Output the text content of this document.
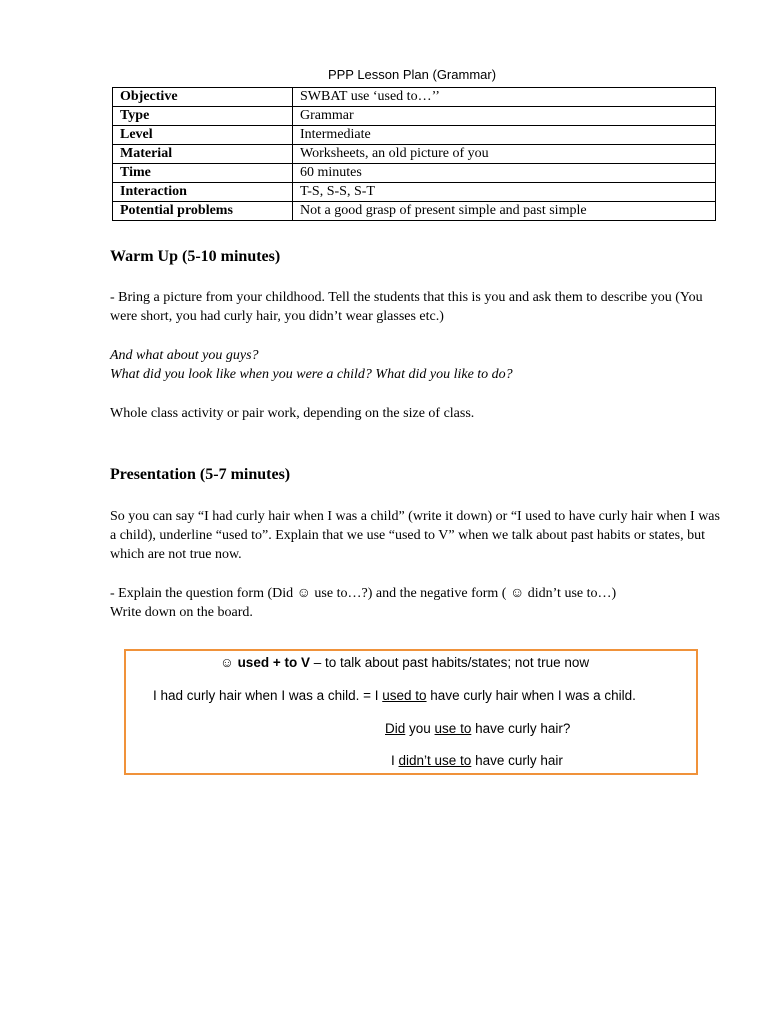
PPP Lesson Plan (Grammar)
Objective	SWBAT use ‘used to…’’
Type	Grammar
Level	Intermediate
Material	Worksheets, an old picture of you
Time	60 minutes
Interaction	T-S, S-S, S-T
Potential problems	Not a good grasp of present simple and past simple
Warm Up (5-10 minutes)
- Bring a picture from your childhood. Tell the students that this is you and ask them to describe you (You were short, you had curly hair, you didn’t wear glasses etc.)
And what about you guys?
What did you look like when you were a child? What did you like to do?
Whole class activity or pair work, depending on the size of class.
Presentation (5-7 minutes)
So you can say “I had curly hair when I was a child” (write it down) or “I used to have curly hair when I was a child), underline “used to”. Explain that we use “used to V” when we talk about past habits or states, but which are not true now.
- Explain the question form (Did ☺ use to…?) and the negative form ( ☺ didn’t use to…)
Write down on the board.
☺ used + to V – to talk about past habits/states; not true now
I had curly hair when I was a child. = I used to have curly hair when I was a child.
Did you use to have curly hair?
I didn’t use to have curly hair
